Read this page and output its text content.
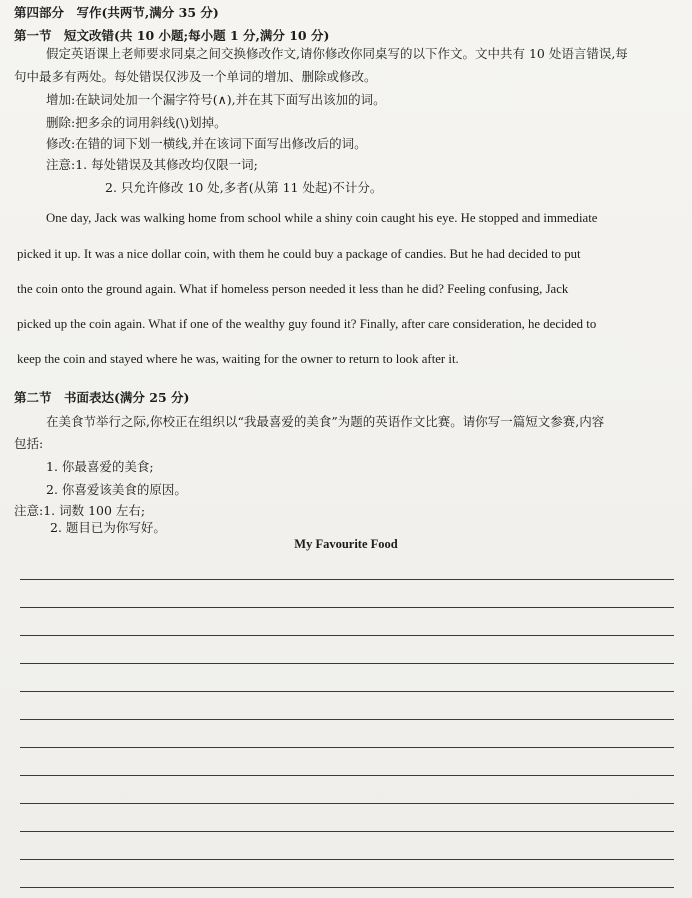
第四部分　写作(共两节,满分 35 分)
第一节　短文改错(共 10 小题;每小题 1 分,满分 10 分)
假定英语课上老师要求同桌之间交换修改作文,请你修改你同桌写的以下作文。文中共有 10 处语言错误,每
句中最多有两处。每处错误仅涉及一个单词的增加、删除或修改。
增加:在缺词处加一个漏字符号(∧),并在其下面写出该加的词。
删除:把多余的词用斜线(\)划掉。
修改:在错的词下划一横线,并在该词下面写出修改后的词。
注意:1. 每处错误及其修改均仅限一词;
2. 只允许修改 10 处,多者(从第 11 处起)不计分。
One day, Jack was walking home from school while a shiny coin caught his eye. He stopped and immediate
picked it up. It was a nice dollar coin, with them he could buy a package of candies. But he had decided to put
the coin onto the ground again. What if homeless person needed it less than he did? Feeling confusing, Jack
picked up the coin again. What if one of the wealthy guy found it? Finally, after care consideration, he decided to
keep the coin and stayed where he was, waiting for the owner to return to look after it.
第二节　书面表达(满分 25 分)
在美食节举行之际,你校正在组织以“我最喜爱的美食”为题的英语作文比赛。请你写一篇短文参赛,内容
包括:
1. 你最喜爱的美食;
2. 你喜爱该美食的原因。
注意:1. 词数 100 左右;
2. 题目已为你写好。
My Favourite Food
